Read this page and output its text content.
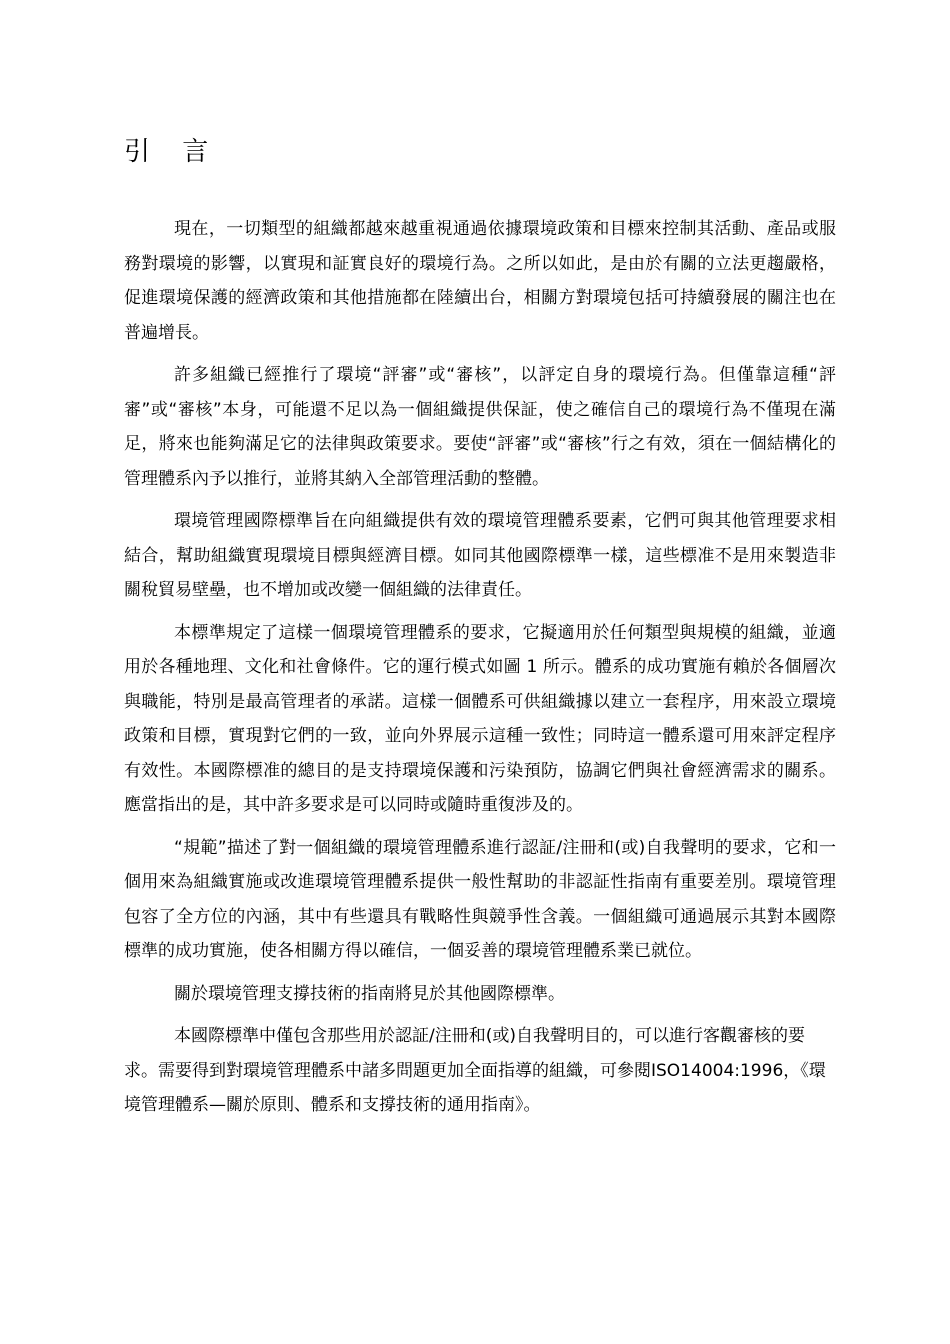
引 言

現在，一切類型的組織都越來越重視通過依據環境政策和目標來控制其活動、產品或服務對環境的影響，以實現和証實良好的環境行為。之所以如此，是由於有關的立法更趨嚴格，促進環境保護的經濟政策和其他措施都在陸續出台，相關方對環境包括可持續發展的關注也在普遍增長。

許多組織已經推行了環境“評審”或“審核”，以評定自身的環境行為。但僅靠這種“評審”或“審核”本身，可能還不足以為一個組織提供保証，使之確信自己的環境行為不僅現在滿足，將來也能夠滿足它的法律與政策要求。要使“評審”或“審核”行之有效，須在一個結構化的管理體系內予以推行，並將其納入全部管理活動的整體。

環境管理國際標準旨在向組織提供有效的環境管理體系要素，它們可與其他管理要求相結合，幫助組織實現環境目標與經濟目標。如同其他國際標準一樣，這些標准不是用來製造非關稅貿易壁壘，也不增加或改變一個組織的法律責任。

本標準規定了這樣一個環境管理體系的要求，它擬適用於任何類型與規模的組織，並適用於各種地理、文化和社會條件。它的運行模式如圖 1 所示。體系的成功實施有賴於各個層次與職能，特別是最高管理者的承諾。這樣一個體系可供組織據以建立一套程序，用來設立環境政策和目標，實現對它們的一致，並向外界展示這種一致性；同時這一體系還可用來評定程序有效性。本國際標准的總目的是支持環境保護和污染預防，協調它們與社會經濟需求的關系。應當指出的是，其中許多要求是可以同時或隨時重復涉及的。

“規範”描述了對一個組織的環境管理體系進行認証/注冊和(或)自我聲明的要求，它和一個用來為組織實施或改進環境管理體系提供一般性幫助的非認証性指南有重要差別。環境管理包容了全方位的內涵，其中有些還具有戰略性與競爭性含義。一個組織可通過展示其對本國際標準的成功實施，使各相關方得以確信，一個妥善的環境管理體系業已就位。

關於環境管理支撐技術的指南將見於其他國際標準。

本國際標準中僅包含那些用於認証/注冊和(或)自我聲明目的，可以進行客觀審核的要求。需要得到對環境管理體系中諸多問題更加全面指導的組織，可參閱ISO14004:1996，《環境管理體系—關於原則、體系和支撐技術的通用指南》。
